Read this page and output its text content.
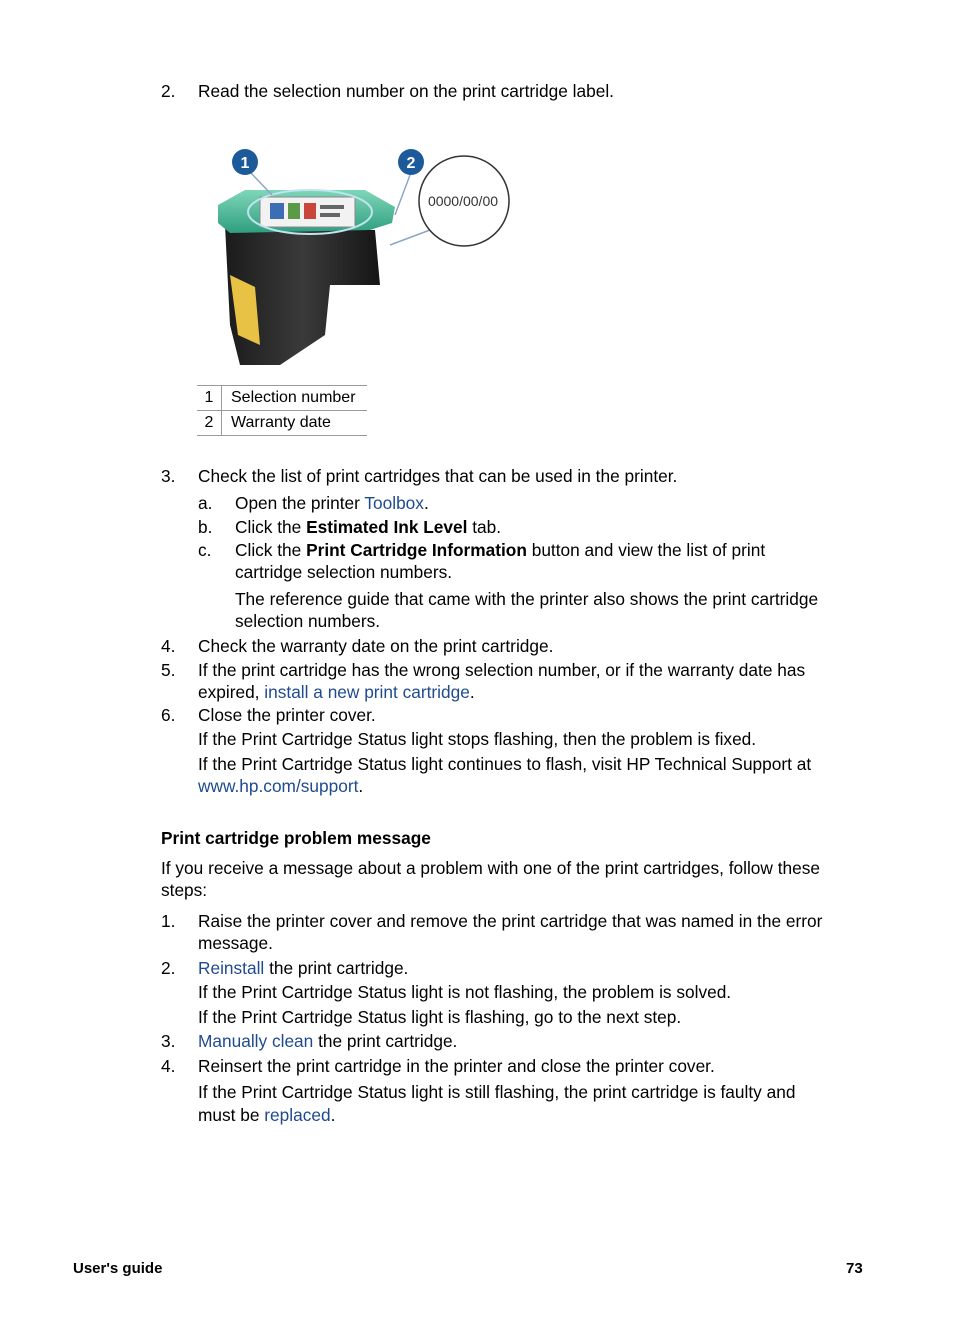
2. Read the selection number on the print cartridge label.
0000/00/00
1	2
1	Selection number
2	Warranty date
3. Check the list of print cartridges that can be used in the printer.
a. Open the printer Toolbox.
b. Click the Estimated Ink Level tab.
c. Click the Print Cartridge Information button and view the list of print
cartridge selection numbers.
The reference guide that came with the printer also shows the print cartridge
selection numbers.
4. Check the warranty date on the print cartridge.
5. If the print cartridge has the wrong selection number, or if the warranty date has
expired, install a new print cartridge.
6. Close the printer cover.
If the Print Cartridge Status light stops flashing, then the problem is fixed.
If the Print Cartridge Status light continues to flash, visit HP Technical Support at
www.hp.com/support.
Print cartridge problem message
If you receive a message about a problem with one of the print cartridges, follow these
steps:
1. Raise the printer cover and remove the print cartridge that was named in the error
message.
2. Reinstall the print cartridge.
If the Print Cartridge Status light is not flashing, the problem is solved.
If the Print Cartridge Status light is flashing, go to the next step.
3. Manually clean the print cartridge.
4. Reinsert the print cartridge in the printer and close the printer cover.
If the Print Cartridge Status light is still flashing, the print cartridge is faulty and
must be replaced.
User's guide	73
